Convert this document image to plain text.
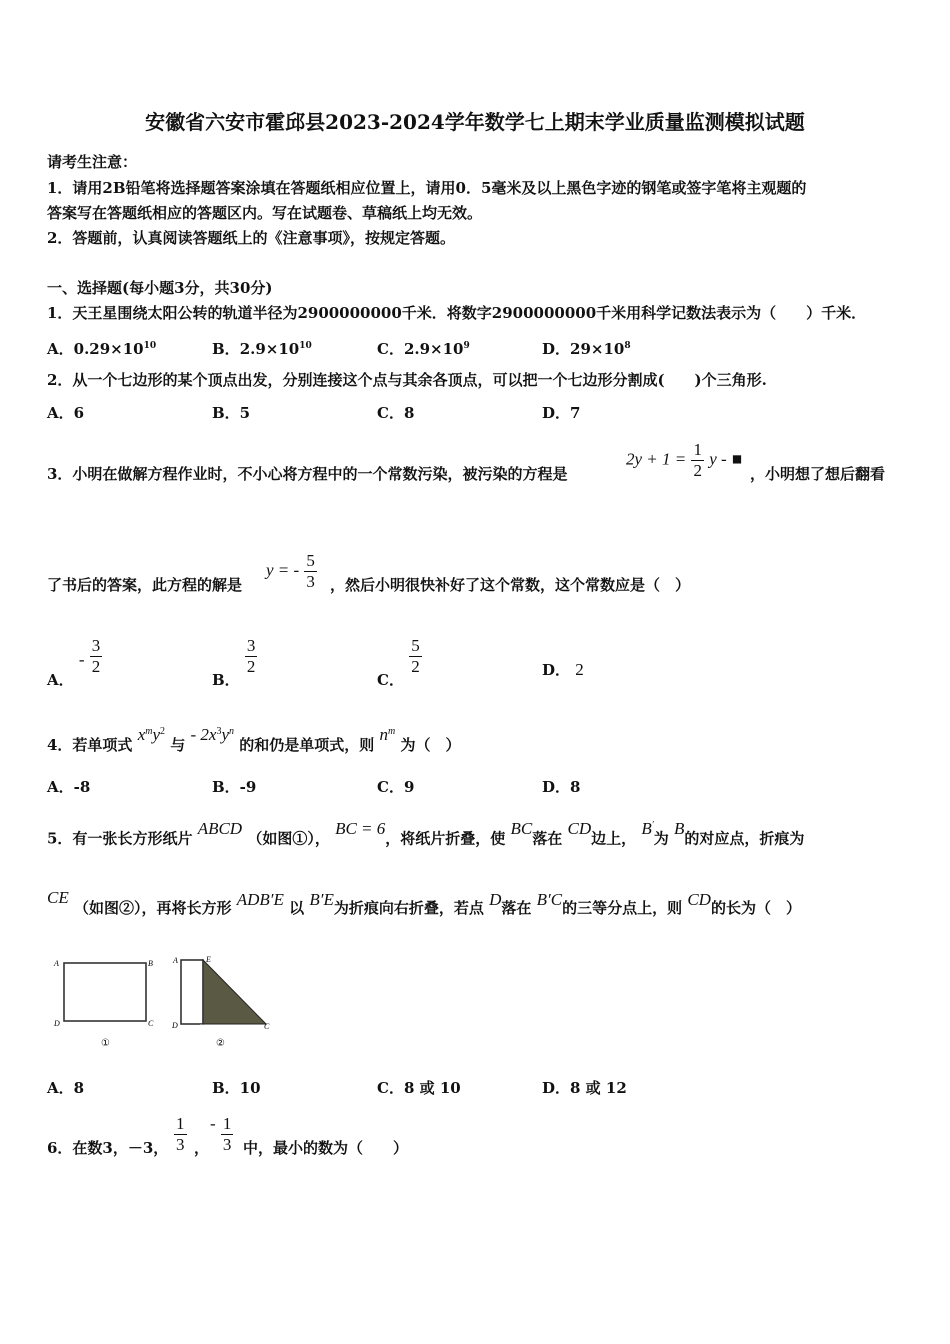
安徽省六安市霍邱县2023-2024学年数学七上期末学业质量监测模拟试题
请考生注意：
1．请用2B铅笔将选择题答案涂填在答题纸相应位置上，请用0．5毫米及以上黑色字迹的钢笔或签字笔将主观题的
答案写在答题纸相应的答题区内。写在试题卷、草稿纸上均无效。
2．答题前，认真阅读答题纸上的《注意事项》，按规定答题。
一、选择题(每小题3分，共30分)
1．天王星围绕太阳公转的轨道半径为2900000000千米．将数字2900000000千米用科学记数法表示为（　　）千米．
A．$0.29\times 10^{10}$	B．$2.9\times 10^{10}$	C．$2.9\times 10^9$	D．$29\times 10^8$
2．从一个七边形的某个顶点出发，分别连接这个点与其余各顶点，可以把一个七边形分割成(　　)个三角形.
A．6	B．5	C．8	D．7
3．小明在做解方程作业时，不小心将方程中的一个常数污染，被污染的方程是
$2y + 1 = \frac{1}{2}$ y - ■
，小明想了想后翻看
了书后的答案，此方程的解是
y = - $\frac{5}{3}$ ，然后小明很快补好了这个常数，这个常数应是（　）
A． - $\frac{3}{2}$
B．
$\frac{3}{2}$
C．
$\frac{5}{2}$	D． 2
4．若单项式 $x^my^2$ 与 - $2x^3y^n$ 的和仍是单项式，则 $n^m$ 为（　）
A．-8	B．-9	C．9	D．8
5．有一张长方形纸片 ABCD （如图①）， BC = 6，将纸片折叠，使 BC落在 CD边上， B′为 B的对应点，折痕为
CE （如图②），再将长方形 ADB′E 以 B′E为折痕向右折叠，若点 D落在 B′C的三等分点上，则 CD的长为（　）
A	B
D	C
①
A	E
D	B	C
②
A．8	B．10	C．8 或 10	D．8 或 12
6．在数3，－3， $\frac{1}{3}$ ，
- $\frac{1}{3}$ 中，最小的数为（　　）
